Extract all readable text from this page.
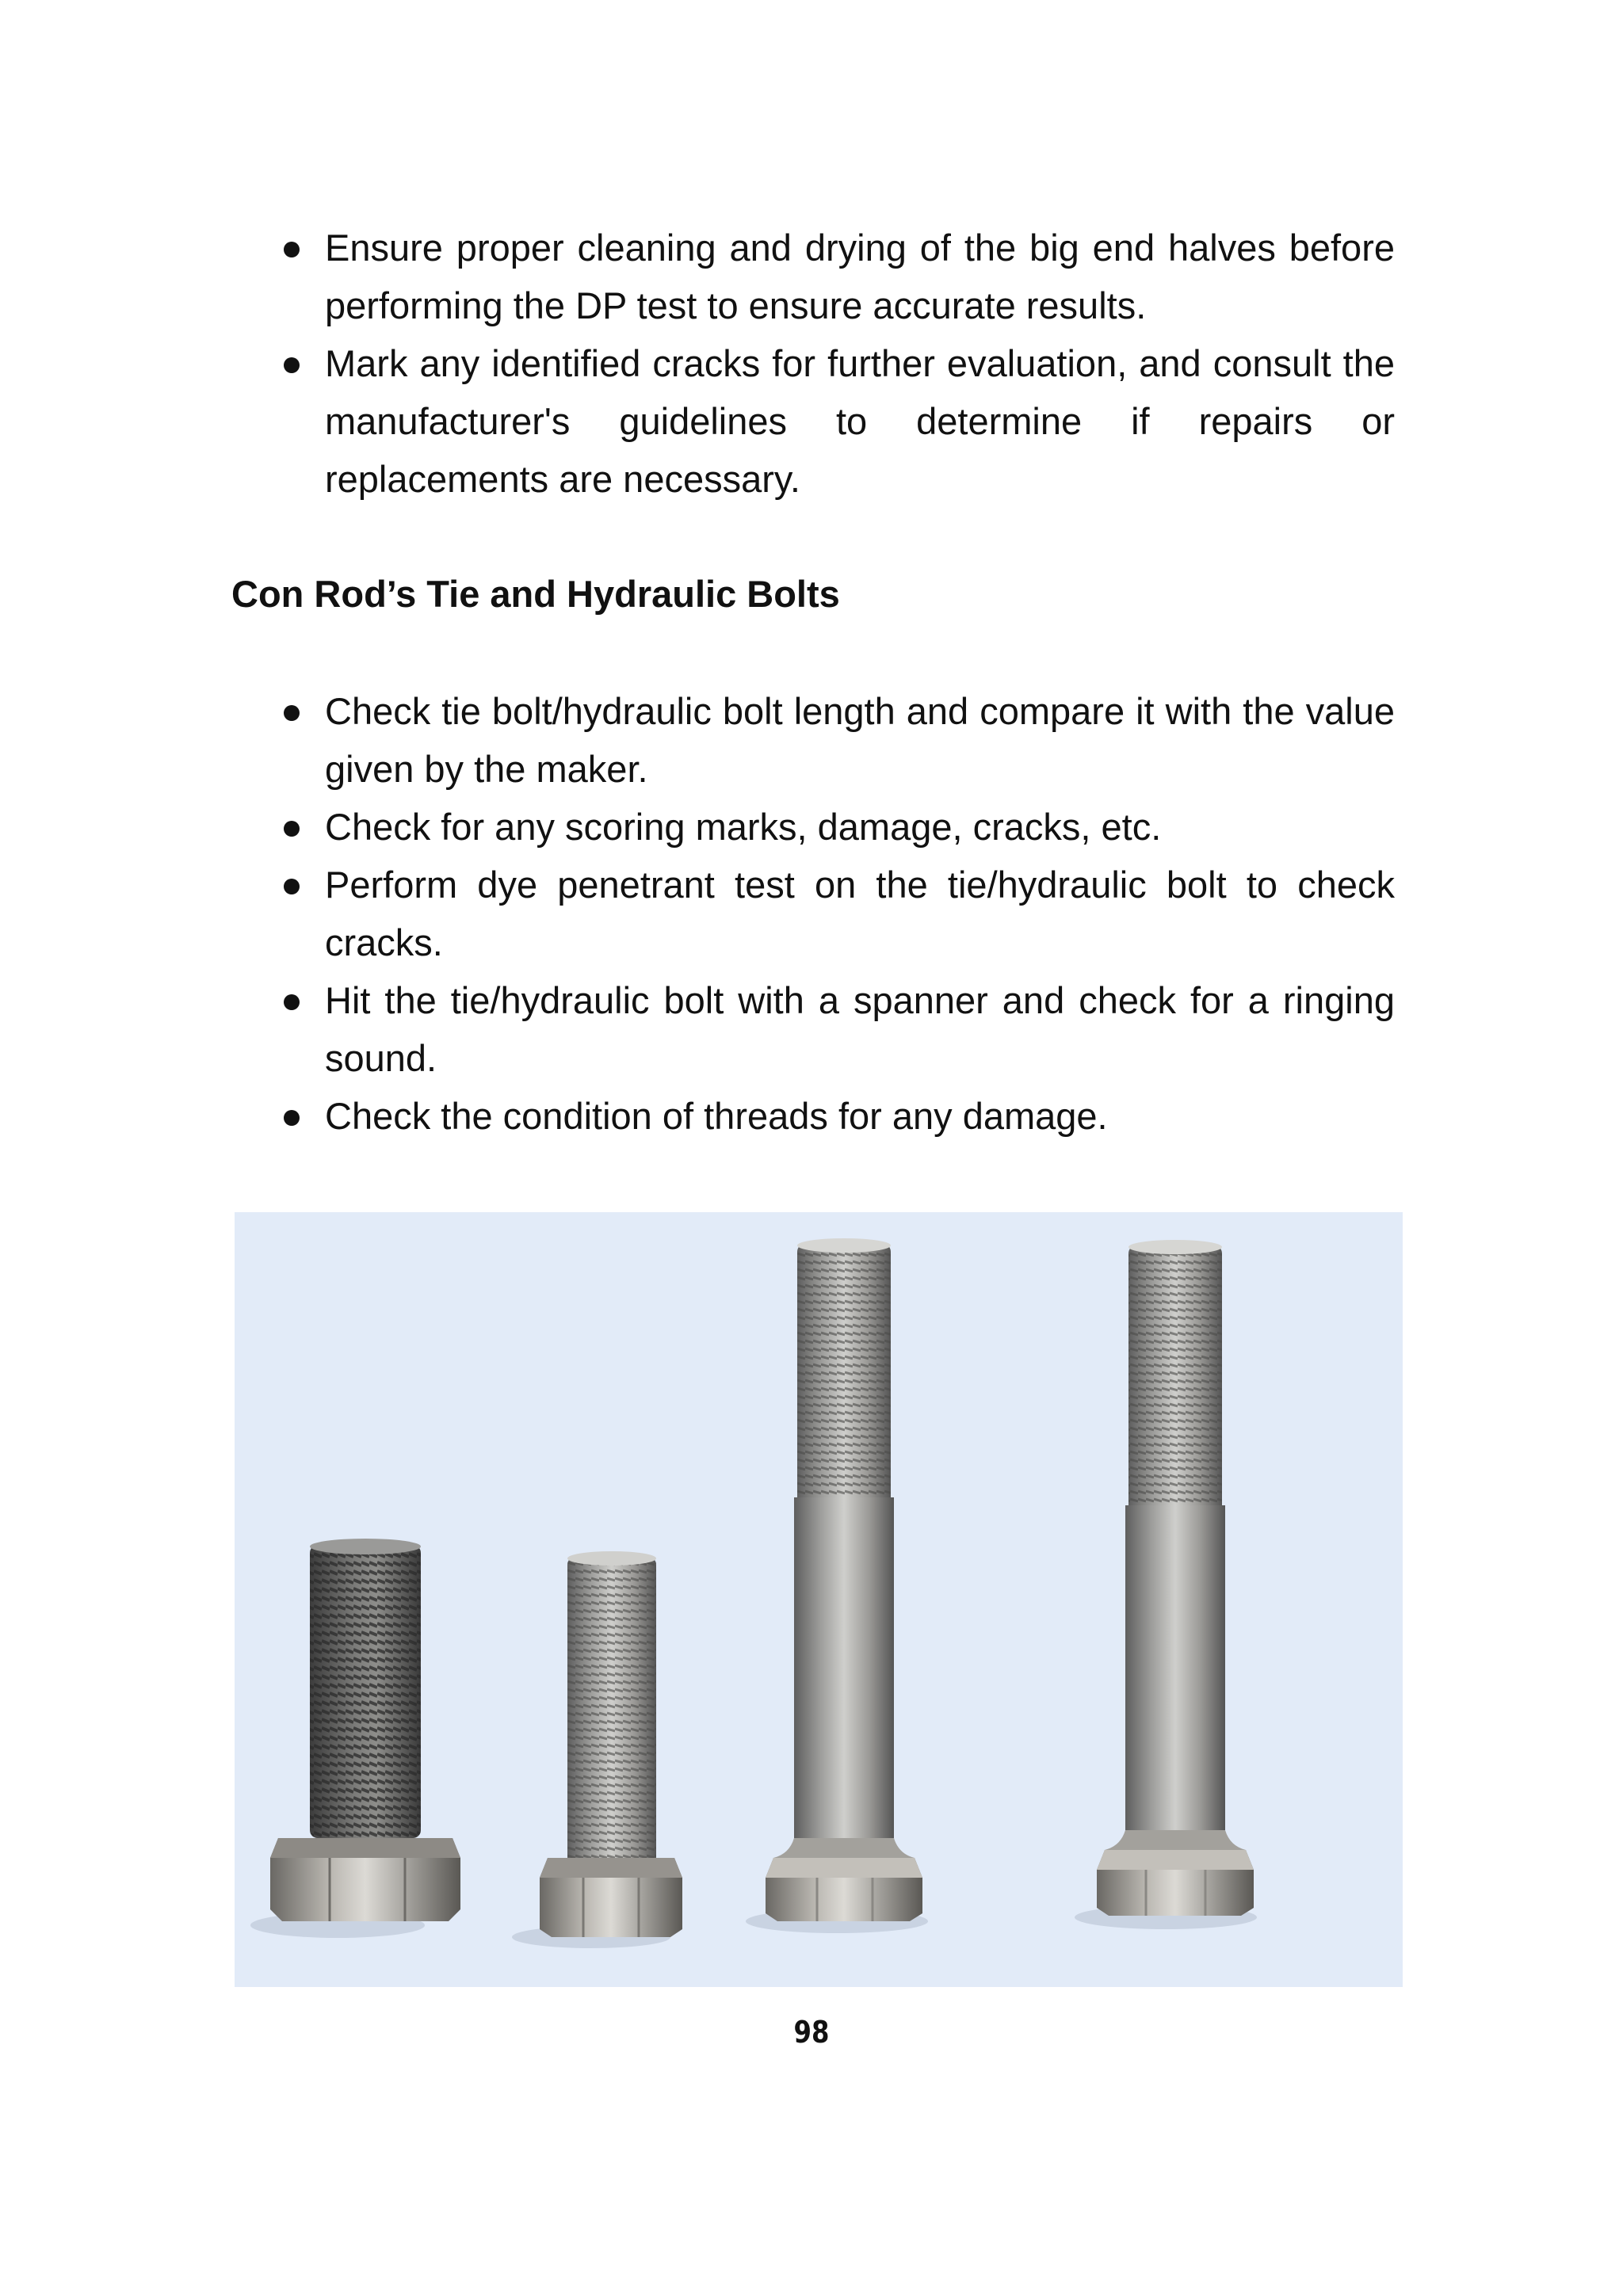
Ensure proper cleaning and drying of the big end halves before performing the DP test to ensure accurate results.
Mark any identified cracks for further evaluation, and consult the manufacturer's guidelines to determine if repairs or replacements are necessary.
Con Rod’s Tie and Hydraulic Bolts
Check tie bolt/hydraulic bolt length and compare it with the value given by the maker.
Check for any scoring marks, damage, cracks, etc.
Perform dye penetrant test on the tie/hydraulic bolt to check cracks.
Hit the tie/hydraulic bolt with a spanner and check for a ringing sound.
Check the condition of threads for any damage.
98
